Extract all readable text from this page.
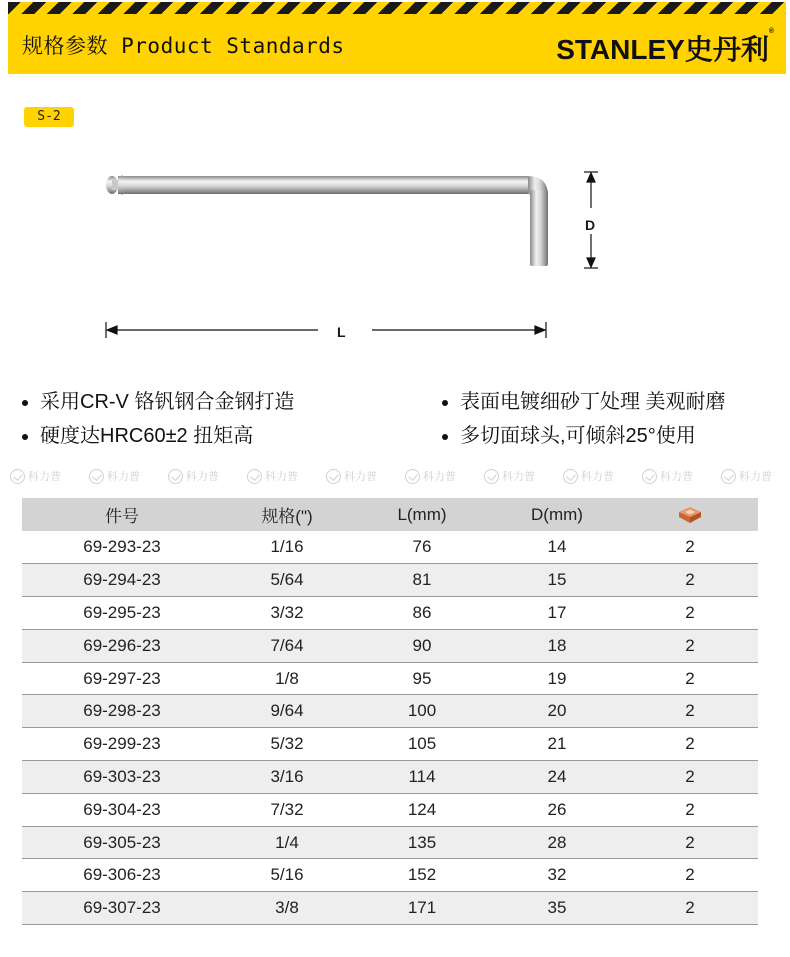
规格参数 Product Standards	STANLEY史丹利®
S-2
D
L
采用CR-V 铬钒钢合金钢打造
硬度达HRC60±2 扭矩高
表面电镀细砂丁处理 美观耐磨
多切面球头,可倾斜25°使用
科力普	科力普	科力普	科力普	科力普	科力普	科力普	科力普	科力普	科力普
件号	规格(")	L(mm)	D(mm)	
69-293-23	1/16	76	14	2
69-294-23	5/64	81	15	2
69-295-23	3/32	86	17	2
69-296-23	7/64	90	18	2
69-297-23	1/8	95	19	2
69-298-23	9/64	100	20	2
69-299-23	5/32	105	21	2
69-303-23	3/16	114	24	2
69-304-23	7/32	124	26	2
69-305-23	1/4	135	28	2
69-306-23	5/16	152	32	2
69-307-23	3/8	171	35	2
